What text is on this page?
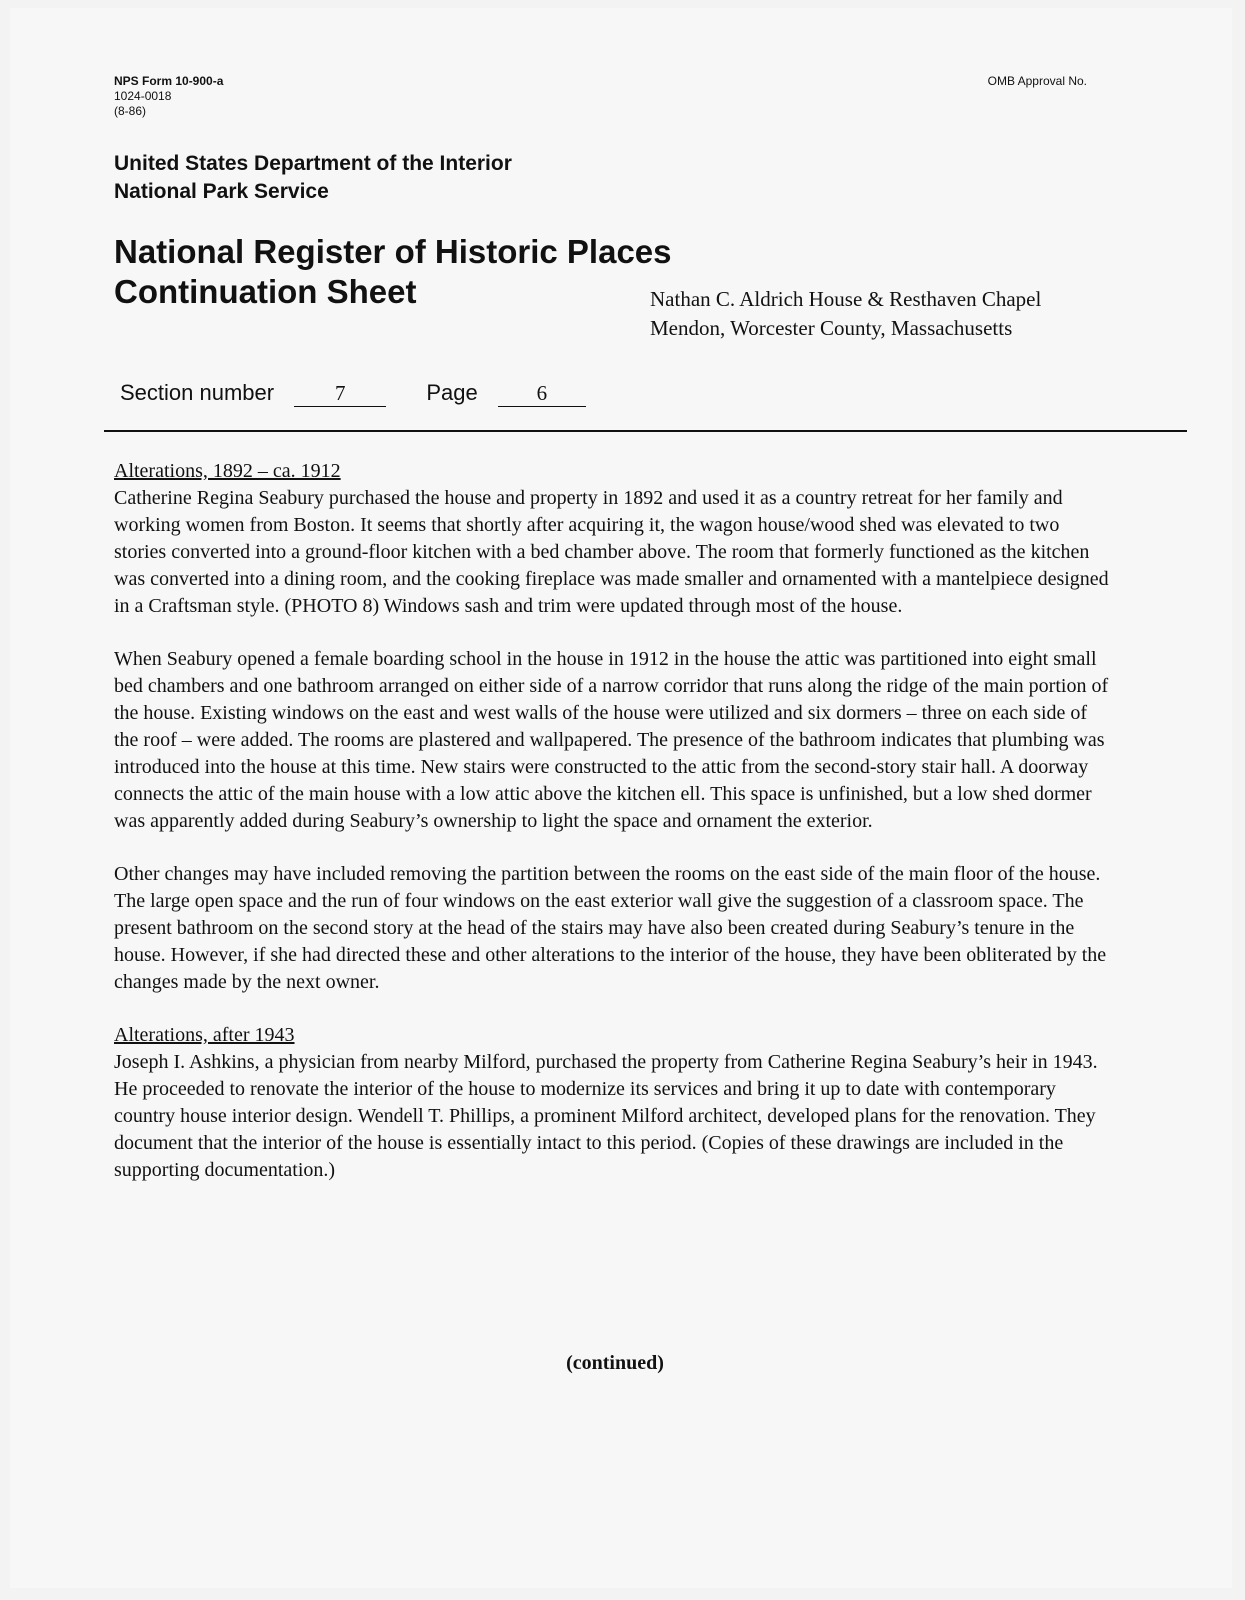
NPS Form 10-900-a
1024-0018
(8-86)
OMB Approval No.
United States Department of the Interior
National Park Service
National Register of Historic Places
Continuation Sheet	Nathan C. Aldrich House & Resthaven Chapel
Mendon, Worcester County, Massachusetts
Section number	7	Page	6

Alterations, 1892 – ca. 1912
Catherine Regina Seabury purchased the house and property in 1892 and used it as a country retreat for her family and working women from Boston. It seems that shortly after acquiring it, the wagon house/wood shed was elevated to two stories converted into a ground-floor kitchen with a bed chamber above. The room that formerly functioned as the kitchen was converted into a dining room, and the cooking fireplace was made smaller and ornamented with a mantelpiece designed in a Craftsman style. (PHOTO 8) Windows sash and trim were updated through most of the house.

When Seabury opened a female boarding school in the house in 1912 in the house the attic was partitioned into eight small bed chambers and one bathroom arranged on either side of a narrow corridor that runs along the ridge of the main portion of the house. Existing windows on the east and west walls of the house were utilized and six dormers – three on each side of the roof – were added. The rooms are plastered and wallpapered. The presence of the bathroom indicates that plumbing was introduced into the house at this time. New stairs were constructed to the attic from the second-story stair hall. A doorway connects the attic of the main house with a low attic above the kitchen ell. This space is unfinished, but a low shed dormer was apparently added during Seabury’s ownership to light the space and ornament the exterior.

Other changes may have included removing the partition between the rooms on the east side of the main floor of the house. The large open space and the run of four windows on the east exterior wall give the suggestion of a classroom space. The present bathroom on the second story at the head of the stairs may have also been created during Seabury’s tenure in the house. However, if she had directed these and other alterations to the interior of the house, they have been obliterated by the changes made by the next owner.

Alterations, after 1943
Joseph I. Ashkins, a physician from nearby Milford, purchased the property from Catherine Regina Seabury’s heir in 1943. He proceeded to renovate the interior of the house to modernize its services and bring it up to date with contemporary country house interior design. Wendell T. Phillips, a prominent Milford architect, developed plans for the renovation. They document that the interior of the house is essentially intact to this period. (Copies of these drawings are included in the supporting documentation.)

(continued)
